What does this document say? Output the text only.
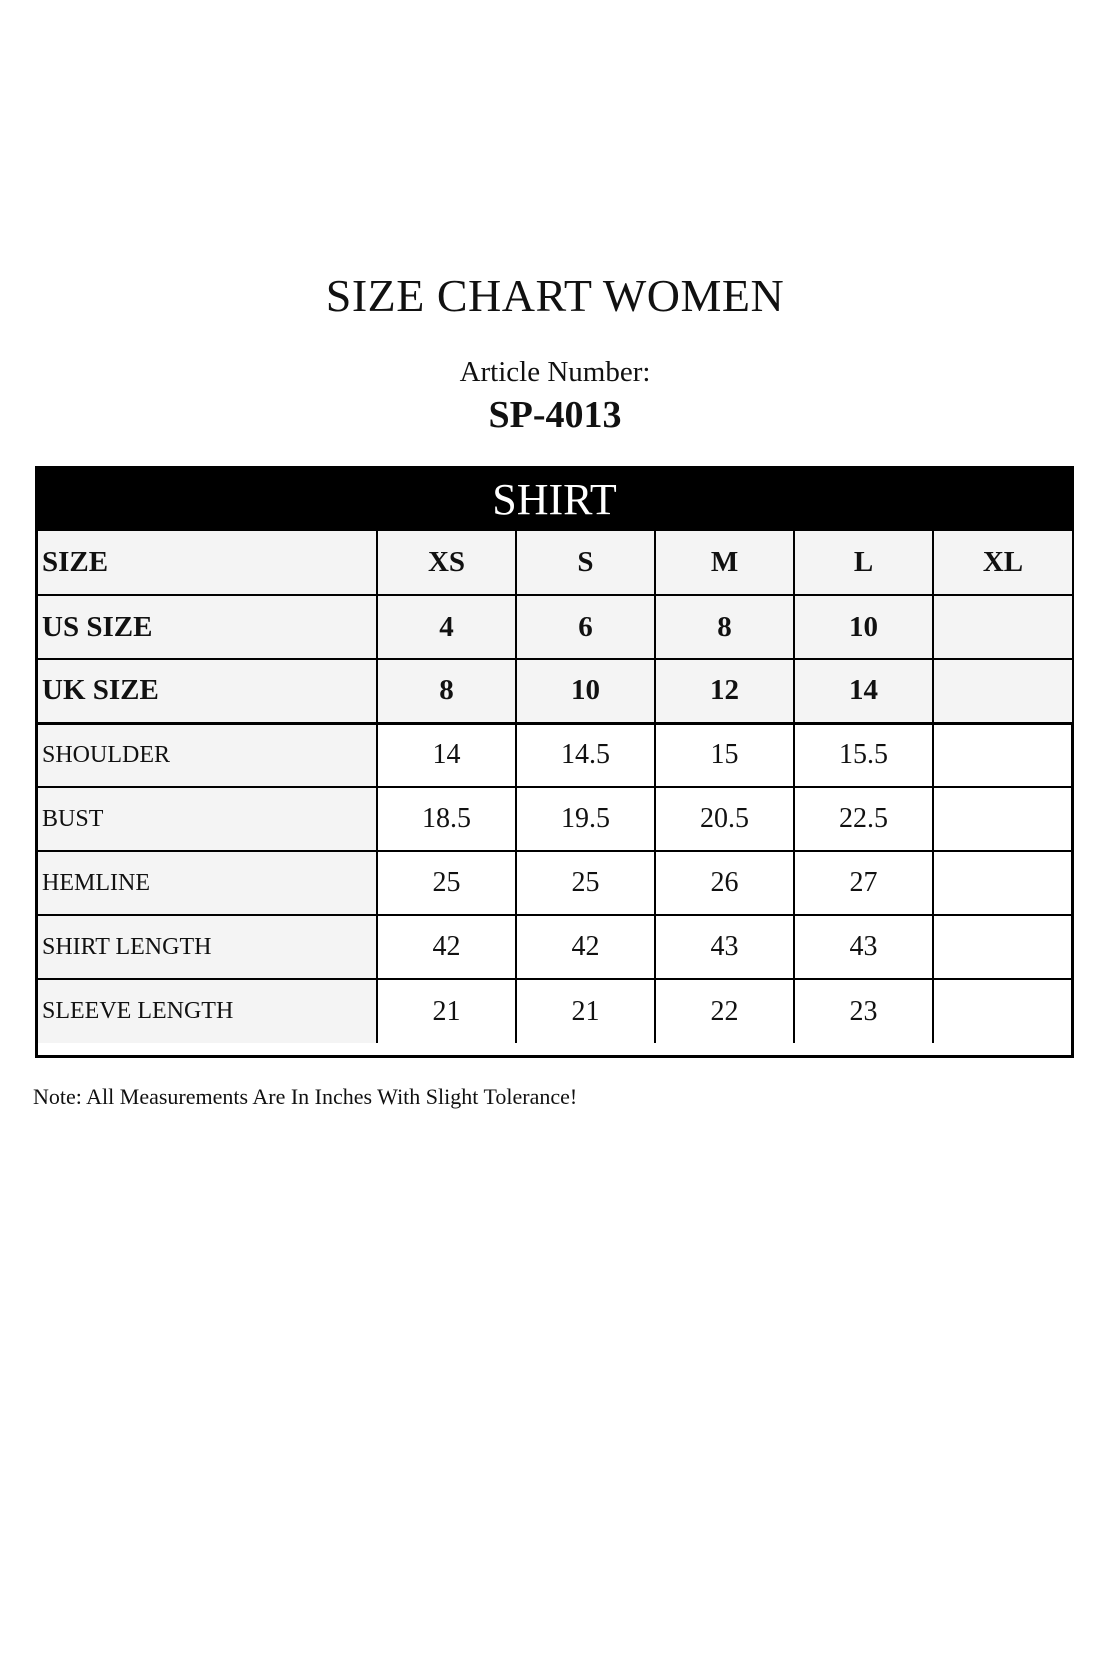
SIZE CHART WOMEN
Article Number:
SP-4013
SHIRT
SIZE	XS	S	M	L	XL
US SIZE	4	6	8	10	
UK SIZE	8	10	12	14	
SHOULDER	14	14.5	15	15.5	
BUST	18.5	19.5	20.5	22.5	
HEMLINE	25	25	26	27	
SHIRT LENGTH	42	42	43	43	
SLEEVE LENGTH	21	21	22	23	
Note: All Measurements Are In Inches With Slight Tolerance!
